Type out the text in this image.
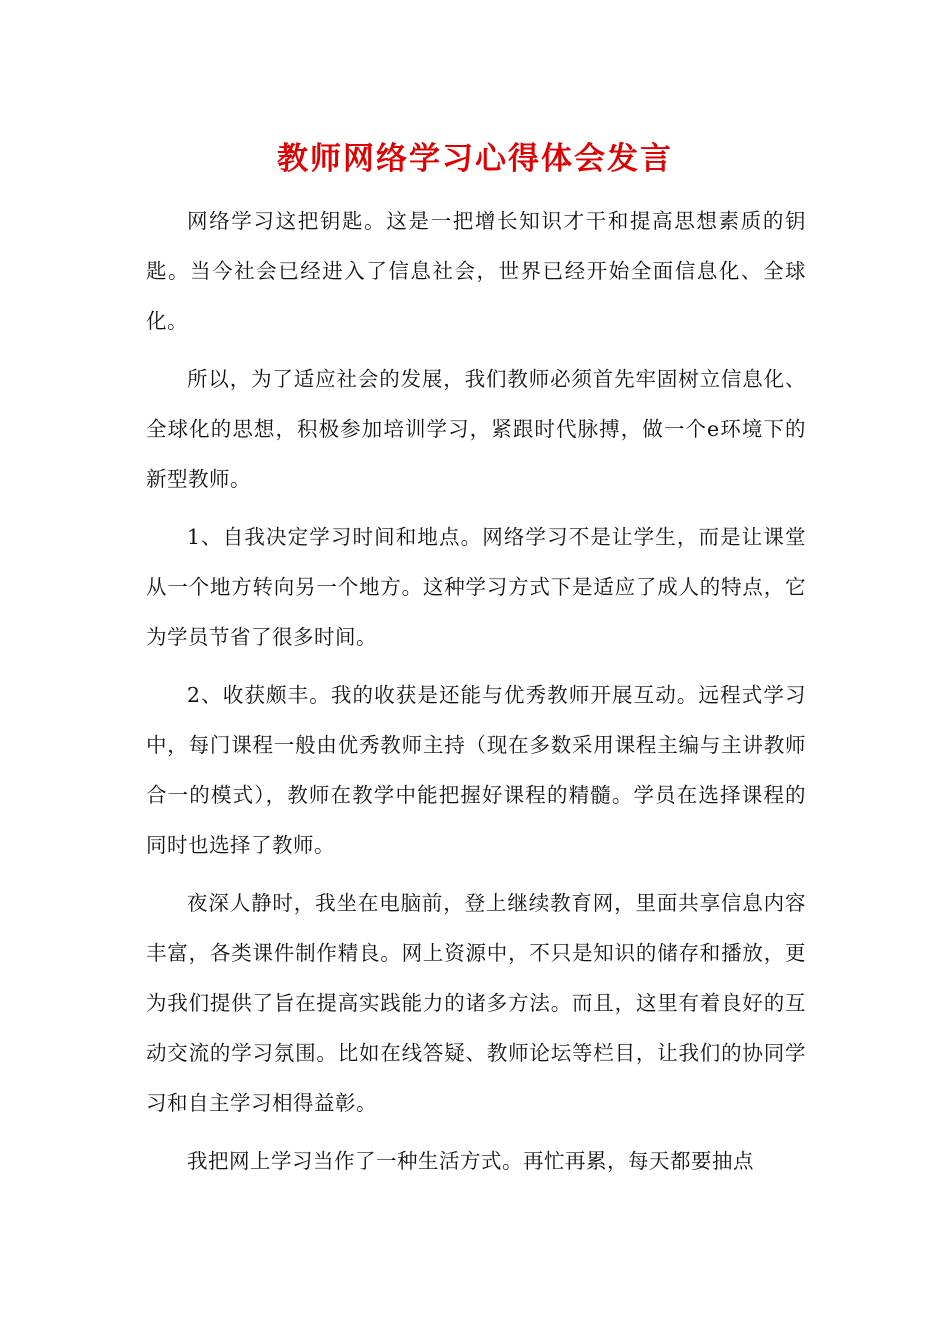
教师网络学习心得体会发言

网络学习这把钥匙。这是一把增长知识才干和提高思想素质的钥匙。当今社会已经进入了信息社会，世界已经开始全面信息化、全球化。

所以，为了适应社会的发展，我们教师必须首先牢固树立信息化、全球化的思想，积极参加培训学习，紧跟时代脉搏，做一个e环境下的新型教师。

1、自我决定学习时间和地点。网络学习不是让学生，而是让课堂从一个地方转向另一个地方。这种学习方式下是适应了成人的特点，它为学员节省了很多时间。

2、收获颇丰。我的收获是还能与优秀教师开展互动。远程式学习中，每门课程一般由优秀教师主持（现在多数采用课程主编与主讲教师合一的模式），教师在教学中能把握好课程的精髓。学员在选择课程的同时也选择了教师。

夜深人静时，我坐在电脑前，登上继续教育网，里面共享信息内容丰富，各类课件制作精良。网上资源中，不只是知识的储存和播放，更为我们提供了旨在提高实践能力的诸多方法。而且，这里有着良好的互动交流的学习氛围。比如在线答疑、教师论坛等栏目，让我们的协同学习和自主学习相得益彰。

我把网上学习当作了一种生活方式。再忙再累，每天都要抽点
